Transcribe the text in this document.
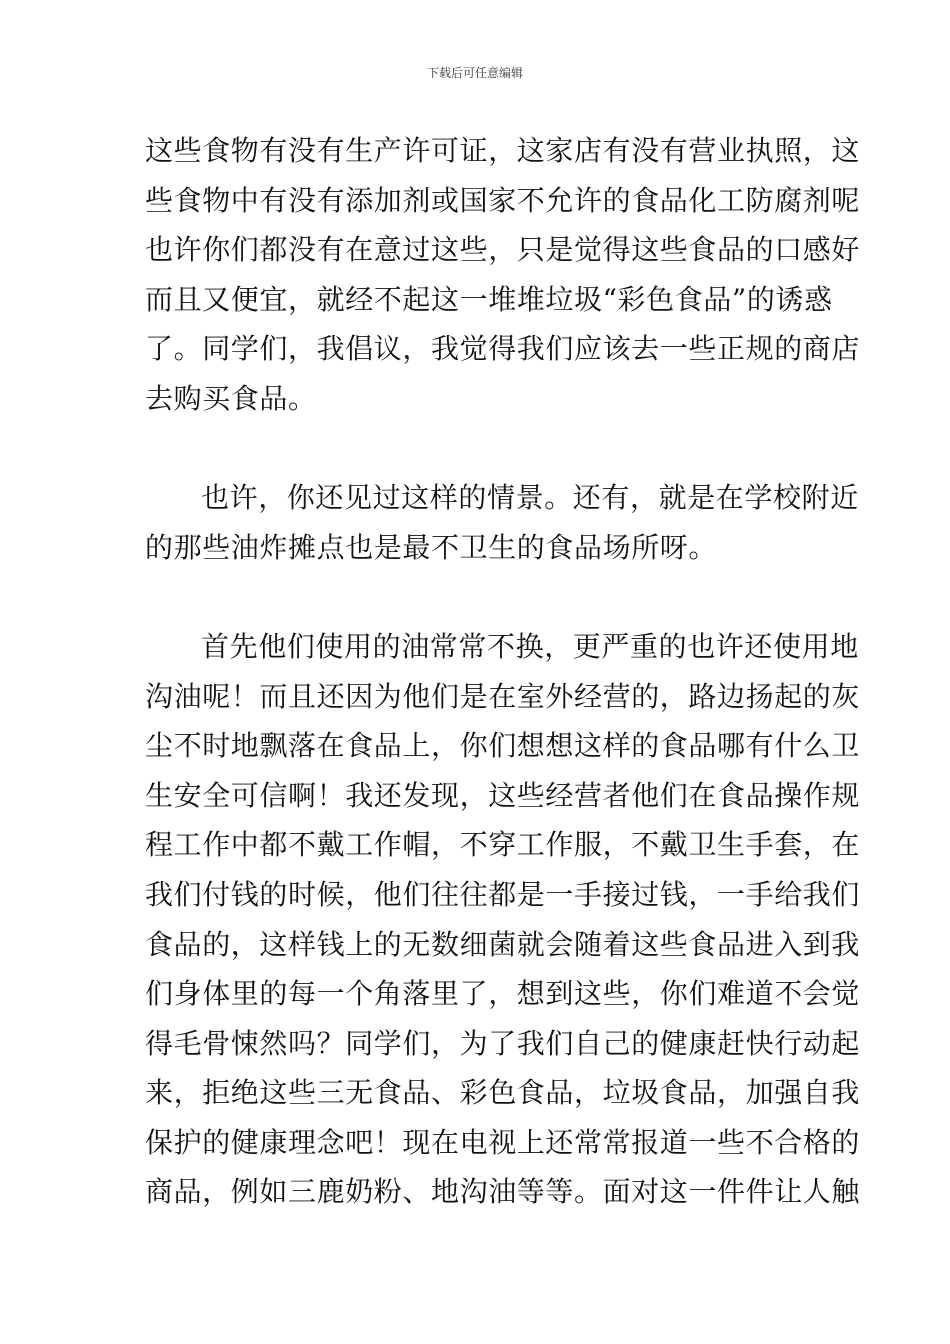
下载后可任意编辑

这些食物有没有生产许可证，这家店有没有营业执照，这
些食物中有没有添加剂或国家不允许的食品化工防腐剂呢
也许你们都没有在意过这些，只是觉得这些食品的口感好
而且又便宜，就经不起这一堆堆垃圾“彩色食品”的诱惑
了。同学们，我倡议，我觉得我们应该去一些正规的商店
去购买食品。

也许，你还见过这样的情景。还有，就是在学校附近
的那些油炸摊点也是最不卫生的食品场所呀。

首先他们使用的油常常不换，更严重的也许还使用地
沟油呢！而且还因为他们是在室外经营的，路边扬起的灰
尘不时地飘落在食品上，你们想想这样的食品哪有什么卫
生安全可信啊！我还发现，这些经营者他们在食品操作规
程工作中都不戴工作帽，不穿工作服，不戴卫生手套，在
我们付钱的时候，他们往往都是一手接过钱，一手给我们
食品的，这样钱上的无数细菌就会随着这些食品进入到我
们身体里的每一个角落里了，想到这些，你们难道不会觉
得毛骨悚然吗？同学们，为了我们自己的健康赶快行动起
来，拒绝这些三无食品、彩色食品，垃圾食品，加强自我
保护的健康理念吧！现在电视上还常常报道一些不合格的
商品，例如三鹿奶粉、地沟油等等。面对这一件件让人触
